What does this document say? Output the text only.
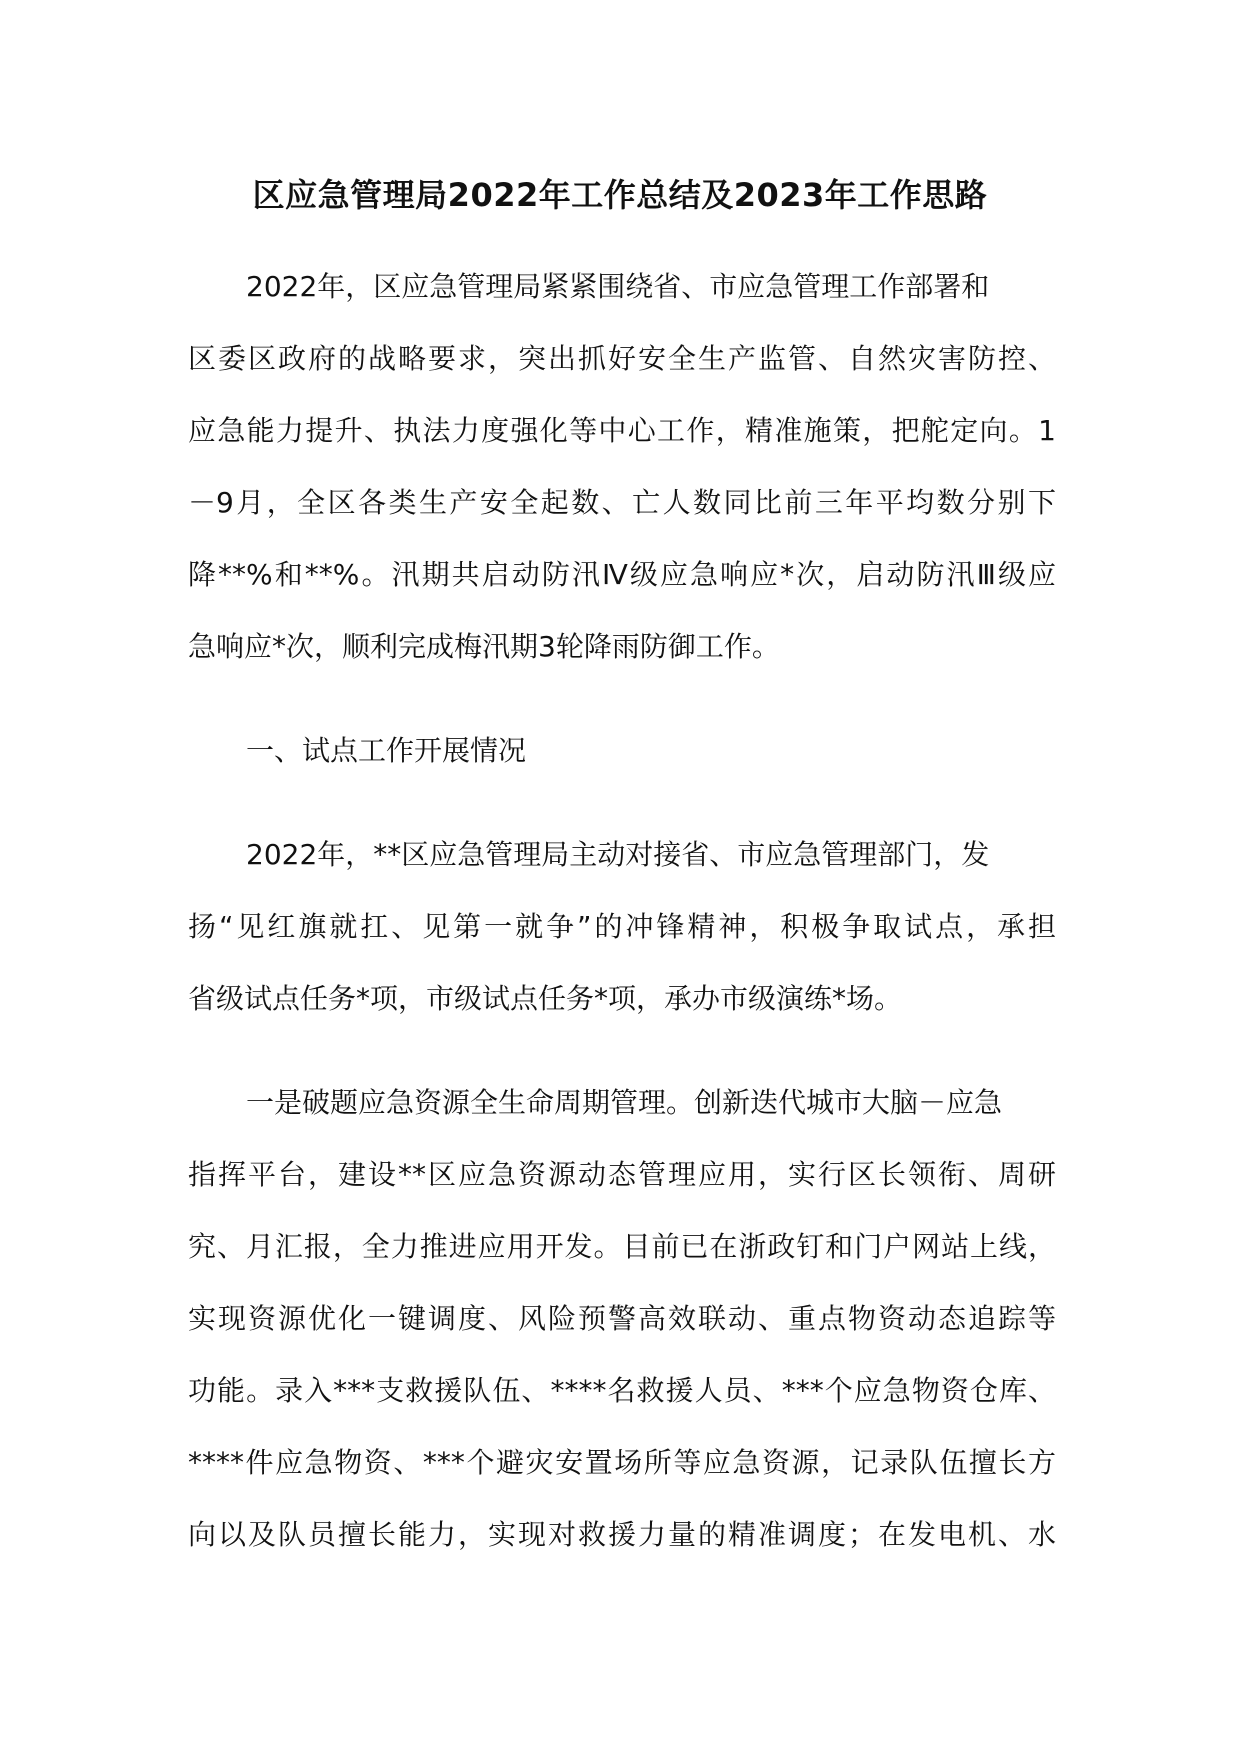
区应急管理局2022年工作总结及2023年工作思路
2022年，区应急管理局紧紧围绕省、市应急管理工作部署和
区委区政府的战略要求，突出抓好安全生产监管、自然灾害防控、
应急能力提升、执法力度强化等中心工作，精准施策，把舵定向。1
－9月，全区各类生产安全起数、亡人数同比前三年平均数分别下
降**%和**%。汛期共启动防汛Ⅳ级应急响应*次，启动防汛Ⅲ级应
急响应*次，顺利完成梅汛期3轮降雨防御工作。
一、试点工作开展情况
2022年，**区应急管理局主动对接省、市应急管理部门，发
扬“见红旗就扛、见第一就争”的冲锋精神，积极争取试点，承担
省级试点任务*项，市级试点任务*项，承办市级演练*场。
一是破题应急资源全生命周期管理。创新迭代城市大脑－应急
指挥平台，建设**区应急资源动态管理应用，实行区长领衔、周研
究、月汇报，全力推进应用开发。目前已在浙政钉和门户网站上线，
实现资源优化一键调度、风险预警高效联动、重点物资动态追踪等
功能。录入***支救援队伍、****名救援人员、***个应急物资仓库、
****件应急物资、***个避灾安置场所等应急资源，记录队伍擅长方
向以及队员擅长能力，实现对救援力量的精准调度；在发电机、水
